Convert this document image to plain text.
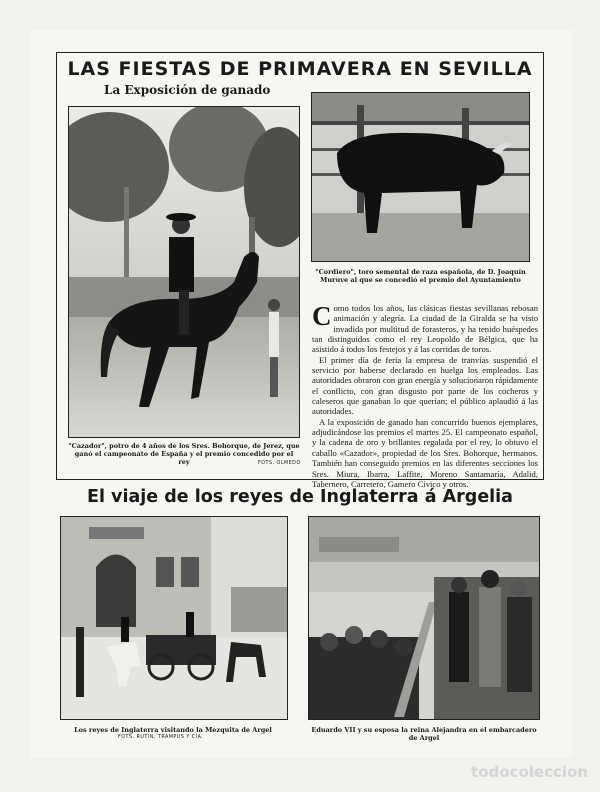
LAS FIESTAS DE PRIMAVERA EN SEVILLA
La Exposición de ganado
"Cazador", potro de 4 años de los Sres. Bohorque, de Jerez, que ganó el campeonato de España y el premio concedido por el rey	FOTS. OLMEDO
"Cordiero", toro semental de raza española, de D. Joaquín Muruve al que se concedió el premio del Ayuntamiento

Como todos los años, las clásicas fiestas sevillanas rebosan animación y alegría. La ciudad de la Giralda se ha visto invadida por multitud de forasteros, y ha tenido huéspedes tan distinguidos como el rey Leopoldo de Bélgica, que ha asistido á todos los festejos y á las corridas de toros.

El primer día de feria la empresa de tranvías suspendió el servicio por haberse declarado en huelga los empleados. Las autoridades obraron con gran energía y solucionaron rápidamente el conflicto, con gran disgusto por parte de los cocheros y caleseros que ganaban lo que querían; el público aplaudió á las autoridades.

A la exposición de ganado han concurrido buenos ejemplares, adjudicándose los premios el martes 25. El campeonato español, y la cadena de oro y brillantes regalada por el rey, lo obtuvo el caballo «Cazador», propiedad de los Sres. Bohorque, hermanos. También han conseguido premios en las diferentes secciones los Sres. Miura, Ibarra, Laffite, Moreno Santamaría, Adalid, Tabernero, Carretero, Gamero Cívico y otros.

El viaje de los reyes de Inglaterra á Argelia
Los reyes de Inglaterra visitando la Mezquita de Argel
FOTS. RUTIN, TRAMPUS Y CÍA.
Eduardo VII y su esposa la reina Alejandra en el embarcadero de Argel
todocoleccion
